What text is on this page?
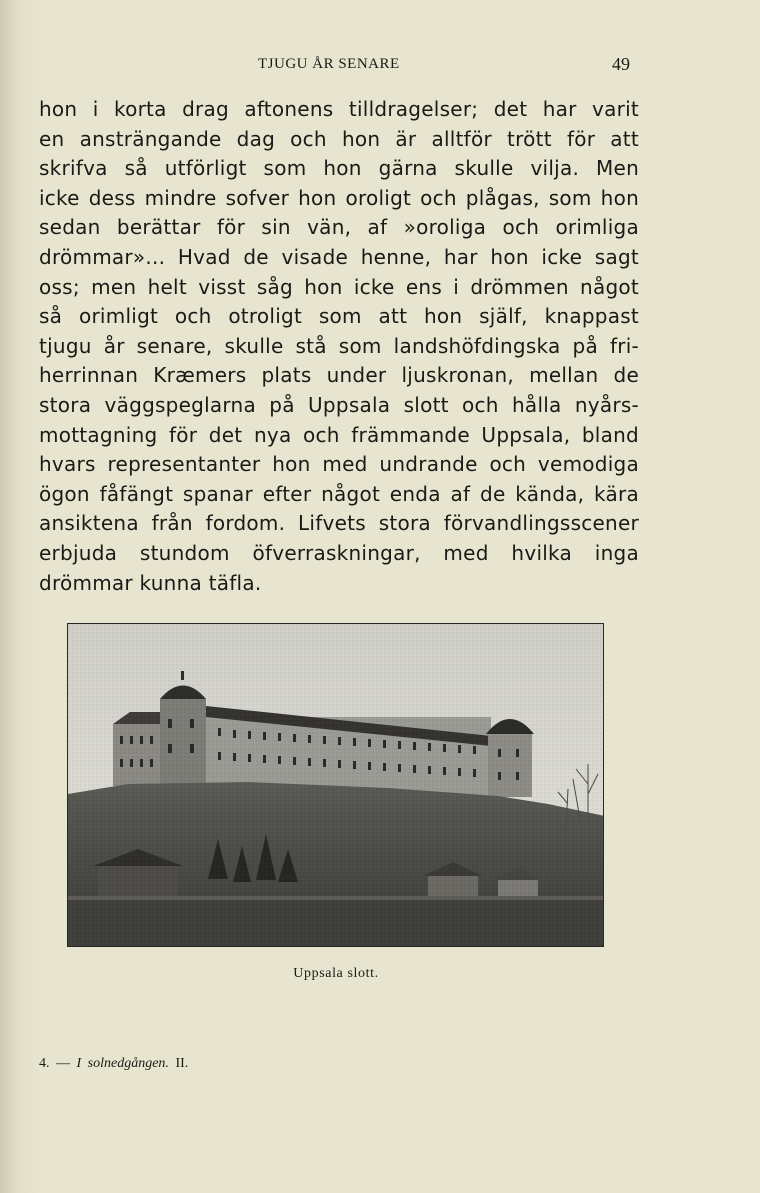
TJUGU ÅR SENARE	49
hon i korta drag aftonens tilldragelser; det har varit
en ansträngande dag och hon är alltför trött för att
skrifva så utförligt som hon gärna skulle vilja. Men
icke dess mindre sofver hon oroligt och plågas, som hon
sedan berättar för sin vän, af »oroliga och orimliga
drömmar»... Hvad de visade henne, har hon icke sagt
oss; men helt visst såg hon icke ens i drömmen något
så orimligt och otroligt som att hon själf, knappast
tjugu år senare, skulle stå som landshöfdingska på fri-
herrinnan Kræmers plats under ljuskronan, mellan de
stora väggspeglarna på Uppsala slott och hålla nyårs-
mottagning för det nya och främmande Uppsala, bland
hvars representanter hon med undrande och vemodiga
ögon fåfängt spanar efter något enda af de kända, kära
ansiktena från fordom. Lifvets stora förvandlingsscener
erbjuda stundom öfverraskningar, med hvilka inga
drömmar kunna täfla.
Uppsala slott.
4. — I solnedgången. II.
